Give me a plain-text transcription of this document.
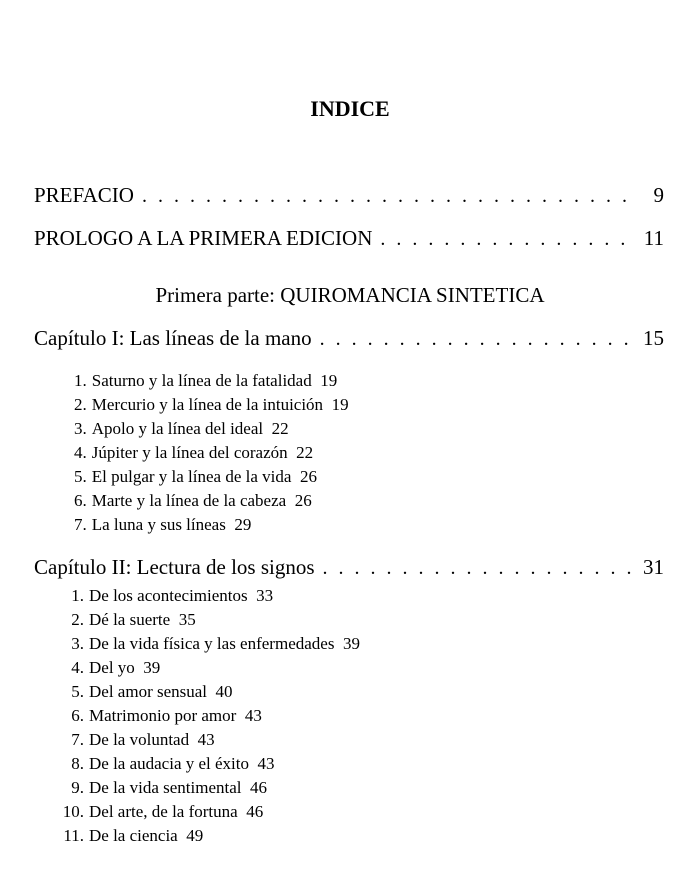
INDICE
PREFACIO . . .	9
PROLOGO A LA PRIMERA EDICION . . .	11
Primera parte: QUIROMANCIA SINTETICA
Capítulo I: Las líneas de la mano . . .	15
1. Saturno y la línea de la fatalidad 19
2. Mercurio y la línea de la intuición 19
3. Apolo y la línea del ideal 22
4. Júpiter y la línea del corazón 22
5. El pulgar y la línea de la vida 26
6. Marte y la línea de la cabeza 26
7. La luna y sus líneas 29
Capítulo II: Lectura de los signos . . .	31
1. De los acontecimientos 33
2. Dé la suerte 35
3. De la vida física y las enfermedades 39
4. Del yo 39
5. Del amor sensual 40
6. Matrimonio por amor 43
7. De la voluntad 43
8. De la audacia y el éxito 43
9. De la vida sentimental 46
10. Del arte, de la fortuna 46
11. De la ciencia 49
